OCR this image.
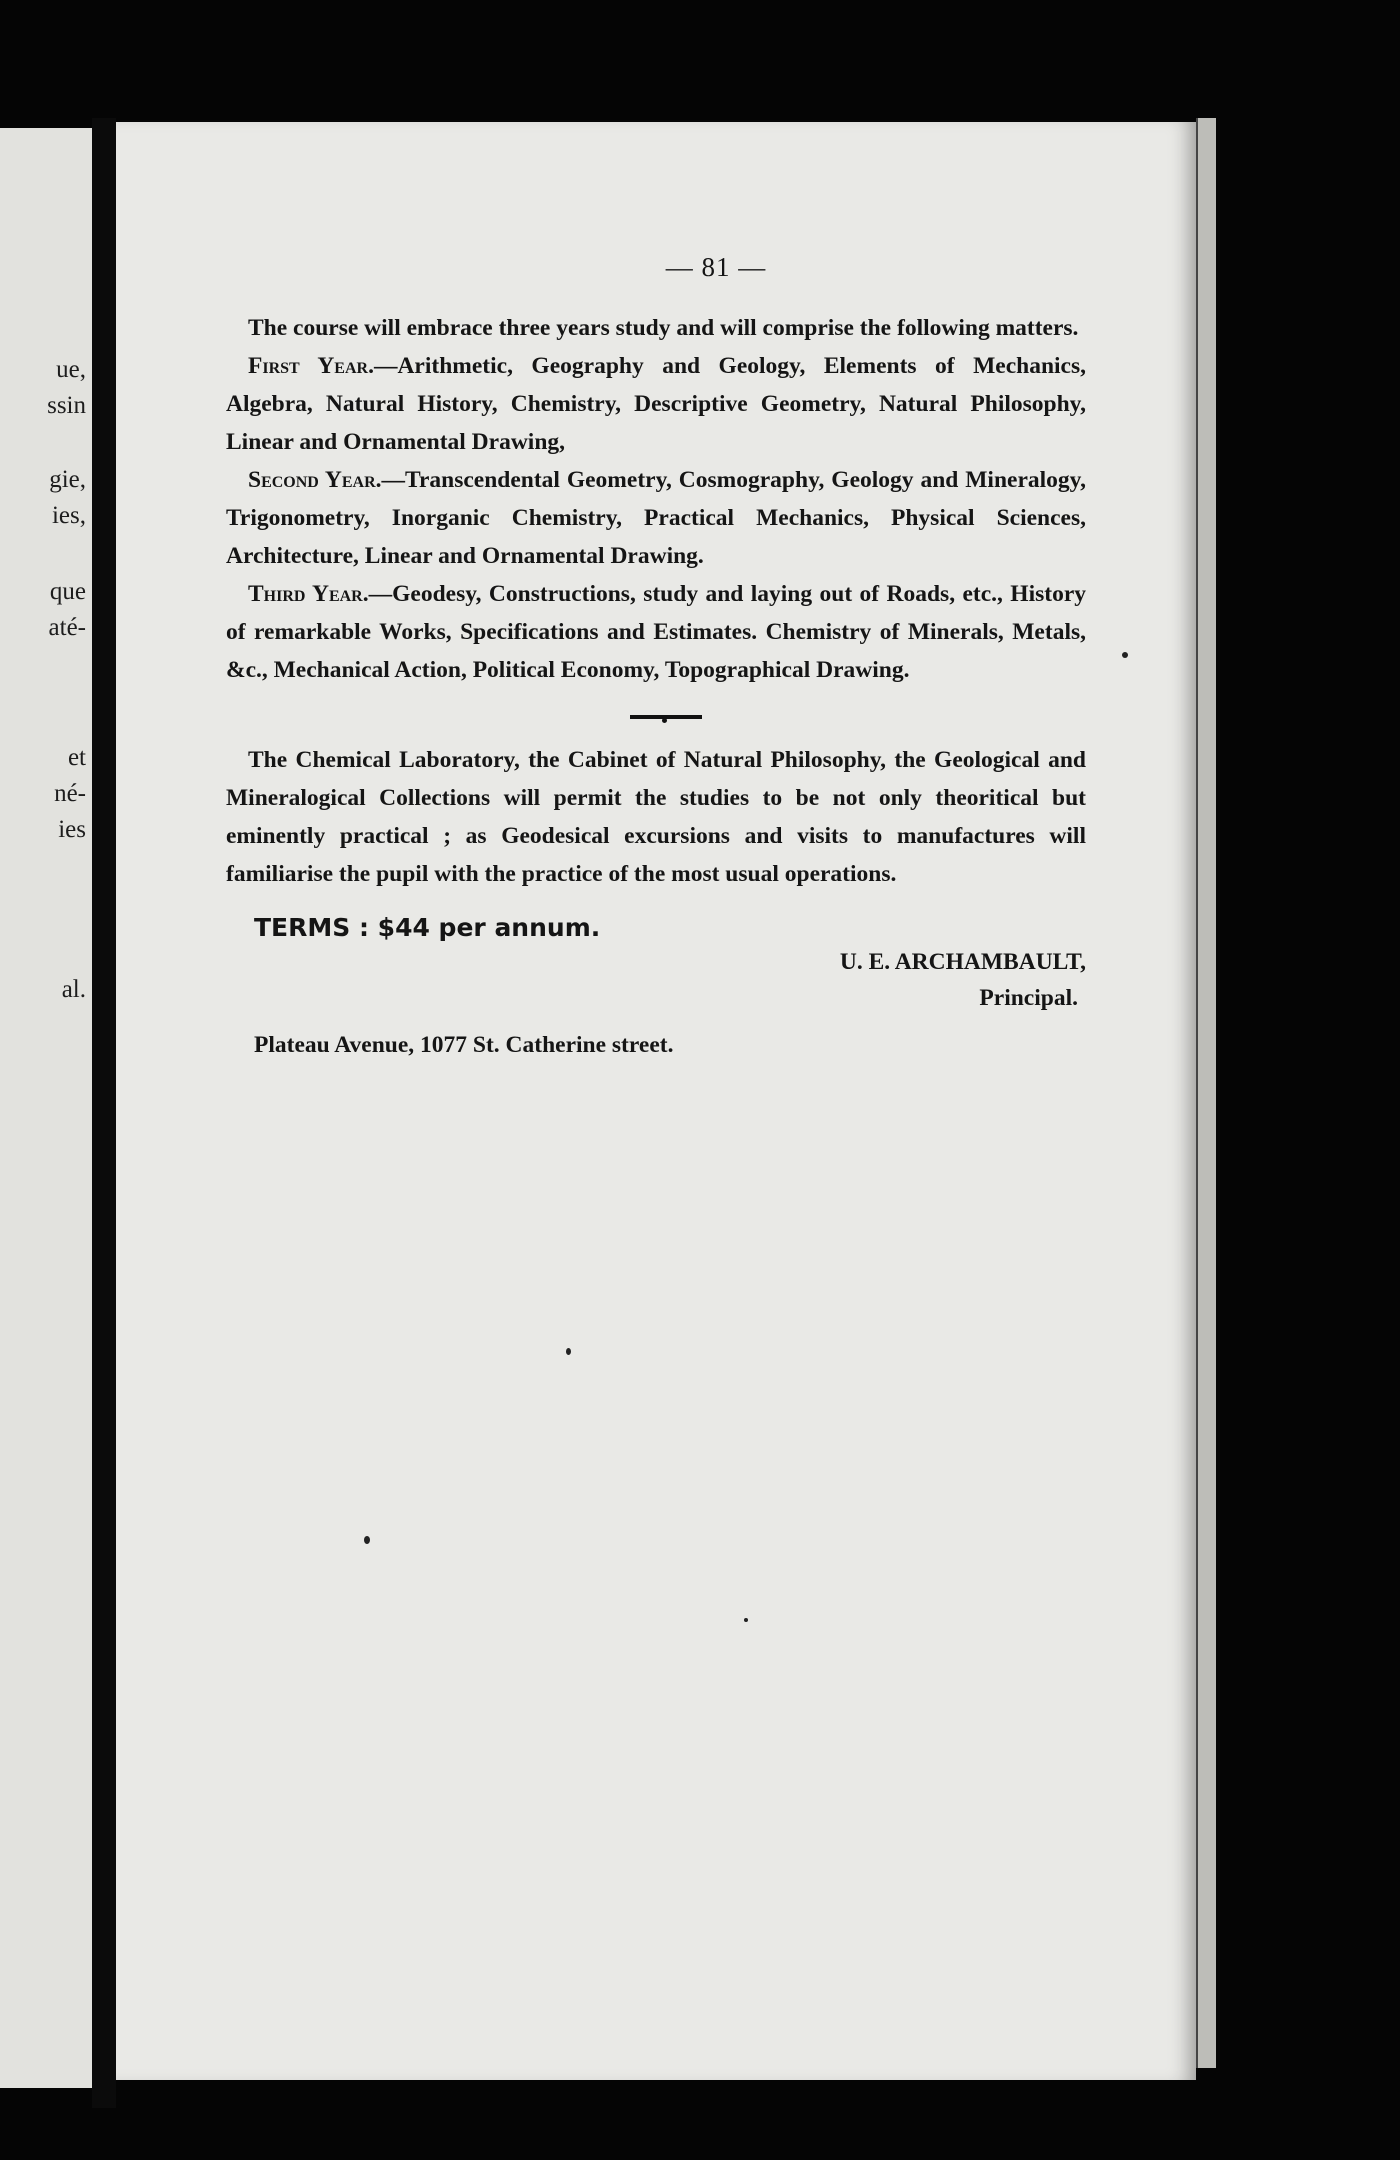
ue,
ssin
gie,
ies,
que
até-
et
né-
ies
al.
— 81 —

The course will embrace three years study and will comprise the following matters.

First Year.—Arithmetic, Geography and Geology, Elements of Mechanics, Algebra, Natural History, Chemistry, Descriptive Geometry, Natural Philosophy, Linear and Ornamental Drawing,

Second Year.—Transcendental Geometry, Cosmography, Geology and Mineralogy, Trigonometry, Inorganic Chemistry, Practical Mechanics, Physical Sciences, Architecture, Linear and Ornamental Drawing.

Third Year.—Geodesy, Constructions, study and laying out of Roads, etc., History of remarkable Works, Specifications and Estimates. Chemistry of Minerals, Metals, &c., Mechanical Action, Political Economy, Topographical Drawing.

The Chemical Laboratory, the Cabinet of Natural Philosophy, the Geological and Mineralogical Collections will permit the studies to be not only theoritical but eminently practical ; as Geodesical excursions and visits to manufactures will familiarise the pupil with the practice of the most usual operations.

TERMS : $44 per annum.
U. E. ARCHAMBAULT,
Principal.
Plateau Avenue, 1077 St. Catherine street.
